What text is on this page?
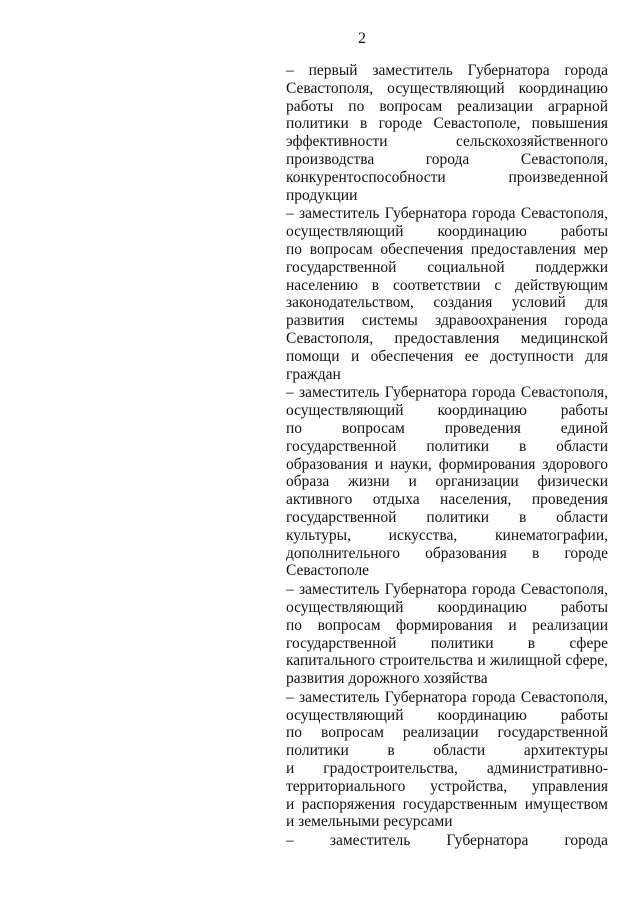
2
– первый заместитель Губернатора города
Севастополя, осуществляющий координацию
работы по вопросам реализации аграрной
политики в городе Севастополе, повышения
эффективности сельскохозяйственного
производства города Севастополя,
конкурентоспособности произведенной
продукции
– заместитель Губернатора города Севастополя,
осуществляющий координацию работы
по вопросам обеспечения предоставления мер
государственной социальной поддержки
населению в соответствии с действующим
законодательством, создания условий для
развития системы здравоохранения города
Севастополя, предоставления медицинской
помощи и обеспечения ее доступности для
граждан
– заместитель Губернатора города Севастополя,
осуществляющий координацию работы
по вопросам проведения единой
государственной политики в области
образования и науки, формирования здорового
образа жизни и организации физически
активного отдыха населения, проведения
государственной политики в области
культуры, искусства, кинематографии,
дополнительного образования в городе
Севастополе
– заместитель Губернатора города Севастополя,
осуществляющий координацию работы
по вопросам формирования и реализации
государственной политики в сфере
капитального строительства и жилищной сфере,
развития дорожного хозяйства
– заместитель Губернатора города Севастополя,
осуществляющий координацию работы
по вопросам реализации государственной
политики в области архитектуры
и градостроительства, административно-
территориального устройства, управления
и распоряжения государственным имуществом
и земельными ресурсами
– заместитель Губернатора города
